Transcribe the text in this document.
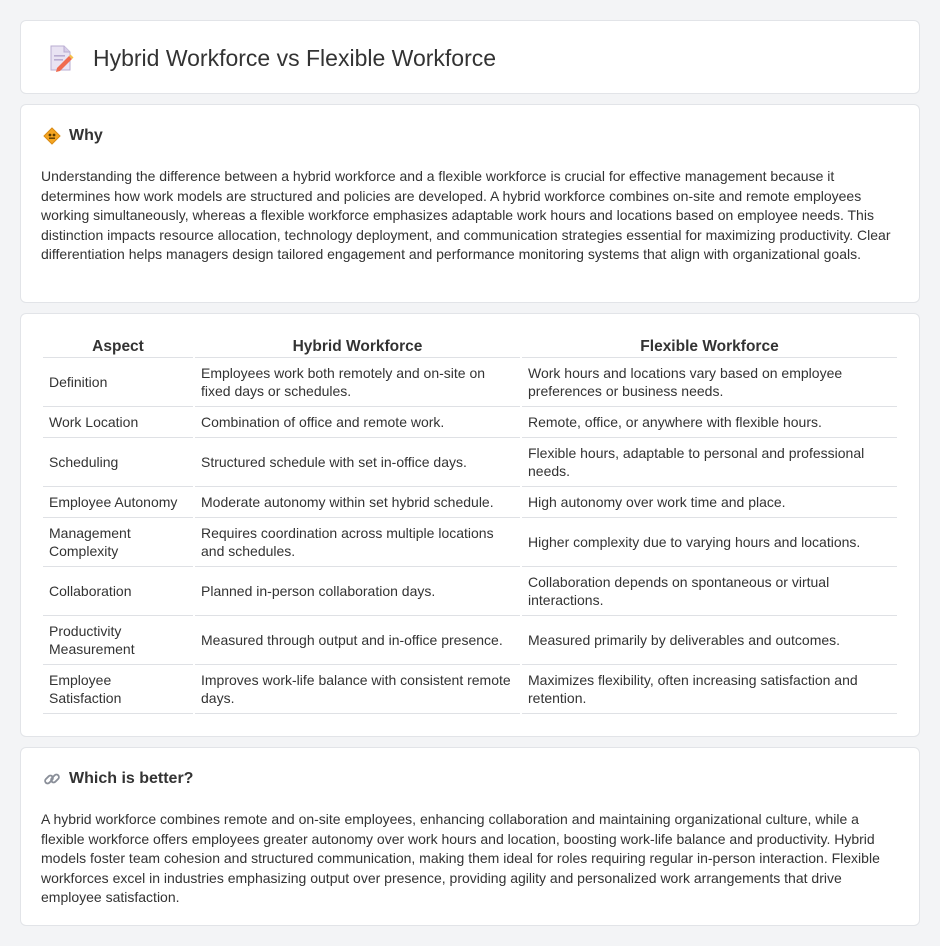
Hybrid Workforce vs Flexible Workforce
Why

Understanding the difference between a hybrid workforce and a flexible workforce is crucial for effective management because it determines how work models are structured and policies are developed. A hybrid workforce combines on-site and remote employees working simultaneously, whereas a flexible workforce emphasizes adaptable work hours and locations based on employee needs. This distinction impacts resource allocation, technology deployment, and communication strategies essential for maximizing productivity. Clear differentiation helps managers design tailored engagement and performance monitoring systems that align with organizational goals.

Aspect	Hybrid Workforce	Flexible Workforce
Definition	Employees work both remotely and on-site on fixed days or schedules.	Work hours and locations vary based on employee preferences or business needs.
Work Location	Combination of office and remote work.	Remote, office, or anywhere with flexible hours.
Scheduling	Structured schedule with set in-office days.	Flexible hours, adaptable to personal and professional needs.
Employee Autonomy	Moderate autonomy within set hybrid schedule.	High autonomy over work time and place.
Management Complexity	Requires coordination across multiple locations and schedules.	Higher complexity due to varying hours and locations.
Collaboration	Planned in-person collaboration days.	Collaboration depends on spontaneous or virtual interactions.
Productivity Measurement	Measured through output and in-office presence.	Measured primarily by deliverables and outcomes.
Employee Satisfaction	Improves work-life balance with consistent remote days.	Maximizes flexibility, often increasing satisfaction and retention.
Which is better?

A hybrid workforce combines remote and on-site employees, enhancing collaboration and maintaining organizational culture, while a flexible workforce offers employees greater autonomy over work hours and location, boosting work-life balance and productivity. Hybrid models foster team cohesion and structured communication, making them ideal for roles requiring regular in-person interaction. Flexible workforces excel in industries emphasizing output over presence, providing agility and personalized work arrangements that drive employee satisfaction.
